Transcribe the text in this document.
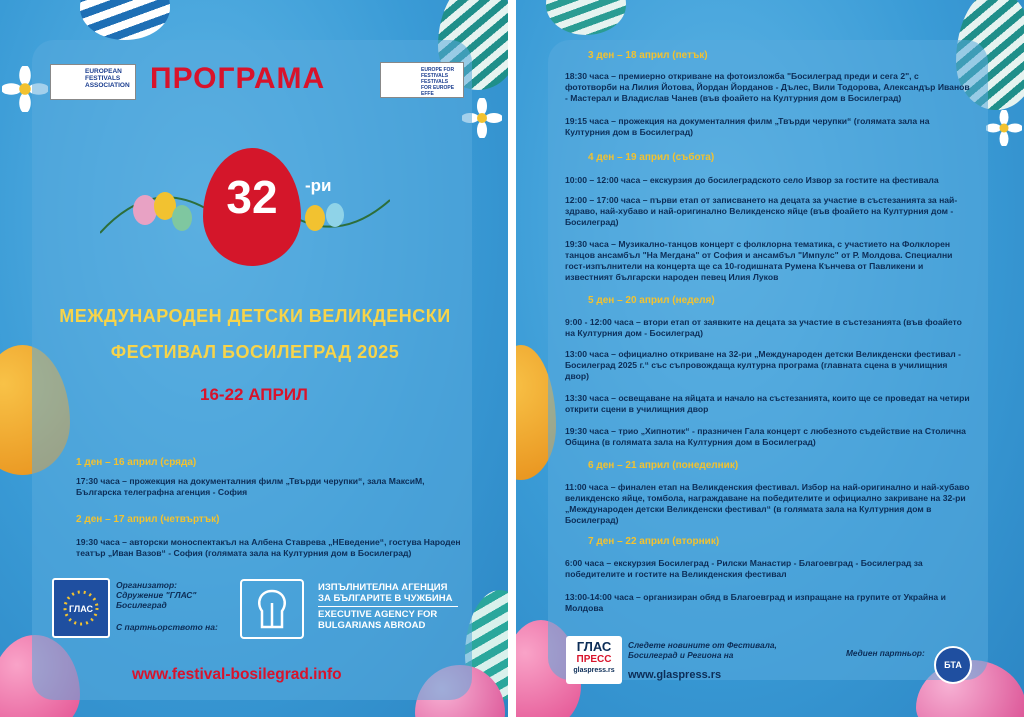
EUROPEAN FESTIVALS ASSOCIATION ПРОГРАМА	EUROPE FOR FESTIVALS FESTIVALS FOR EUROPE EFFE
32	-ри
МЕЖДУНАРОДЕН ДЕТСКИ ВЕЛИКДЕНСКИ
ФЕСТИВАЛ БОСИЛЕГРАД 2025
16-22 АПРИЛ
1 ден – 16 април (сряда)
17:30 часа – прожекция на документалния филм „Твърди черупки“, зала МаксиМ, Българска телеграфна агенция - София
2 ден – 17 април (четвъртък)
19:30 часа – авторски моноспектакъл на Албена Ставрева „НЕведение“, гостува Народен театър „Иван Вазов“ - София (голямата зала на Културния дом в Босилеград)
ГЛАС
Организатор:
Сдружение "ГЛАС"
Босилеград
С партньорството на:
ИЗПЪЛНИТЕЛНА АГЕНЦИЯ
ЗА БЪЛГАРИТЕ В ЧУЖБИНА
EXECUTIVE AGENCY FOR
BULGARIANS ABROAD
www.festival-bosilegrad.info
3 ден – 18 април (петък)
18:30 часа – премиерно откриване на фотоизложба "Босилеград преди и сега 2", с фототворби на Лилия Йотова, Йордан Йорданов - Дълес, Вили Тодорова, Александър Иванов - Мастерал и Владислав Чанев (във фоайето на Културния дом в Босилеград)
19:15 часа – прожекция на документалния филм „Твърди черупки“ (голямата зала на Културния дом в Босилеград)
4 ден – 19 април (събота)
10:00 – 12:00 часа – екскурзия до босилеградското село Извор за гостите на фестивала
12:00 – 17:00 часа – първи етап от записването на децата за участие в състезанията за най-здраво, най-хубаво и най-оригинално Великденско яйце (във фоайето на Културния дом - Босилеград)
19:30 часа – Музикално-танцов концерт с фолклорна тематика, с участието на Фолклорен танцов ансамбъл "На Мегдана" от София и ансамбъл "Импулс" от Р. Молдова. Специални гост-изпълнители на концерта ще са 10-годишната Румена Кънчева от Павликени и известният български народен певец Илия Луков
5 ден – 20 април (неделя)
9:00 - 12:00 часа – втори етап от заявките на децата за участие в състезанията (във фоайето на Културния дом - Босилеград)
13:00 часа – официално откриване на 32-ри „Международен детски Великденски фестивал - Босилеград 2025 г.“ със съпровождаща културна програма (главната сцена в училищния двор)
13:30 часа – освещаване на яйцата и начало на състезанията, които ще се проведат на четири открити сцени в училищния двор
19:30 часа – трио „Хипнотик“ - празничен Гала концерт с любезното съдействие на Столична Община (в голямата зала на Културния дом в Босилеград)
6 ден – 21 април (понеделник)
11:00 часа – финален етап на Великденския фестивал. Избор на най-оригинално и най-хубаво великденско яйце, томбола, награждаване на победителите и официално закриване на 32-ри „Международен детски Великденски фестивал“ (в голямата зала на Културния дом в Босилеград)
7 ден – 22 април (вторник)
6:00 часа – екскурзия Босилеград - Рилски Манастир - Благоевград - Босилеград за победителите и гостите на Великденския фестивал
13:00-14:00 часа – организиран обяд в Благоевград и изпращане на групите от Украйна и Молдова
ГЛАС
ПРЕСС
glaspress.rs
Следете новините от Фестивала, Босилеград и Региона на
www.glaspress.rs
Медиен партньор:
БТА
